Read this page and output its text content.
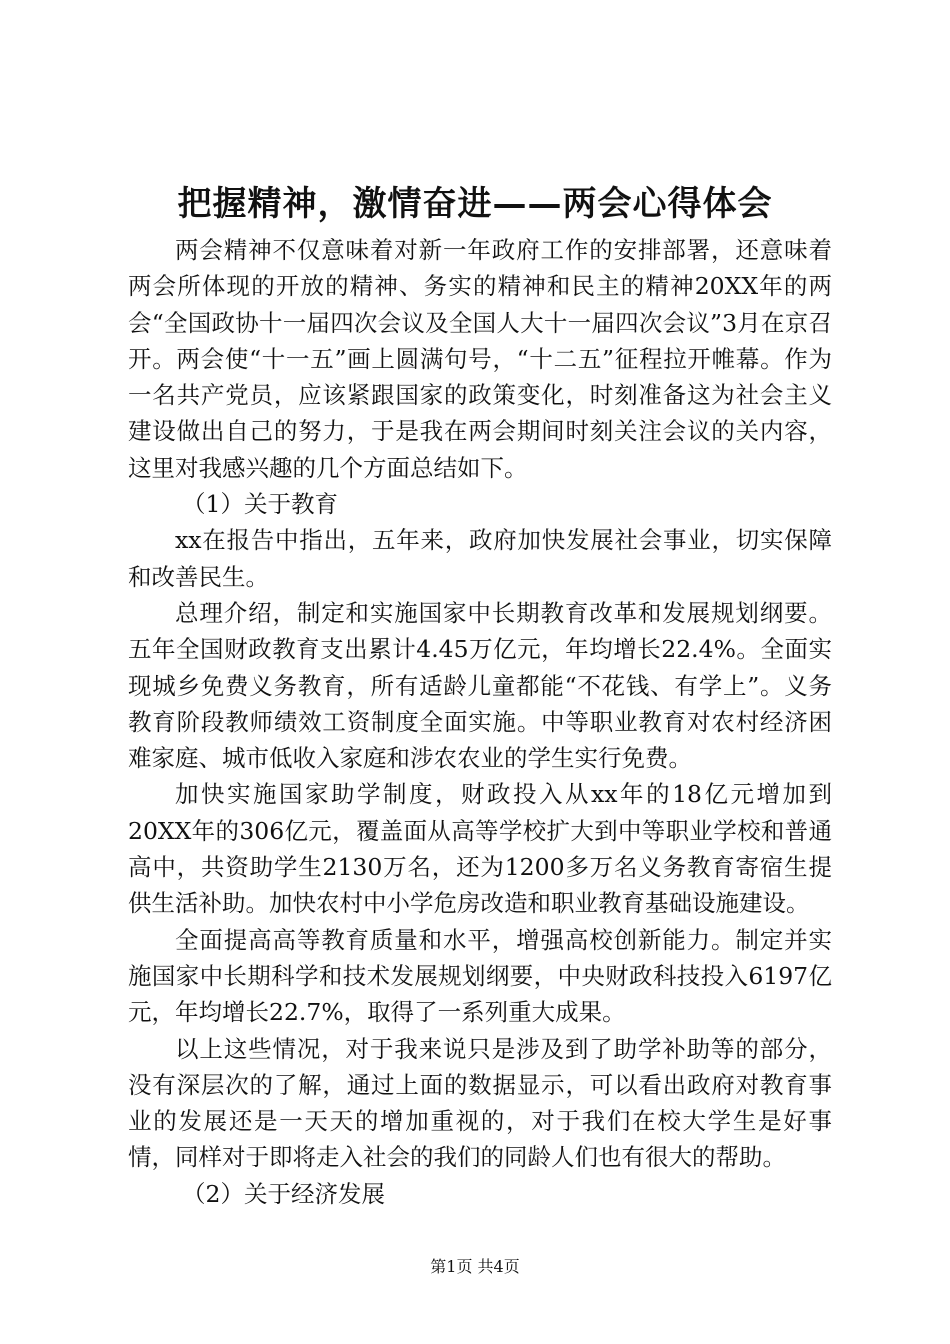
把握精神，激情奋进——两会心得体会

两会精神不仅意味着对新一年政府工作的安排部署，还意味着两会所体现的开放的精神、务实的精神和民主的精神20XX年的两会“全国政协十一届四次会议及全国人大十一届四次会议”3月在京召开。两会使“十一五”画上圆满句号，“十二五”征程拉开帷幕。作为一名共产党员，应该紧跟国家的政策变化，时刻准备这为社会主义建设做出自己的努力，于是我在两会期间时刻关注会议的关内容，这里对我感兴趣的几个方面总结如下。

（1）关于教育

xx在报告中指出，五年来，政府加快发展社会事业，切实保障和改善民生。

总理介绍，制定和实施国家中长期教育改革和发展规划纲要。五年全国财政教育支出累计4.45万亿元，年均增长22.4%。全面实现城乡免费义务教育，所有适龄儿童都能“不花钱、有学上”。义务教育阶段教师绩效工资制度全面实施。中等职业教育对农村经济困难家庭、城市低收入家庭和涉农农业的学生实行免费。

加快实施国家助学制度，财政投入从xx年的18亿元增加到20XX年的306亿元，覆盖面从高等学校扩大到中等职业学校和普通高中，共资助学生2130万名，还为1200多万名义务教育寄宿生提供生活补助。加快农村中小学危房改造和职业教育基础设施建设。

全面提高高等教育质量和水平，增强高校创新能力。制定并实施国家中长期科学和技术发展规划纲要，中央财政科技投入6197亿元，年均增长22.7%，取得了一系列重大成果。

以上这些情况，对于我来说只是涉及到了助学补助等的部分，没有深层次的了解，通过上面的数据显示，可以看出政府对教育事业的发展还是一天天的增加重视的，对于我们在校大学生是好事情，同样对于即将走入社会的我们的同龄人们也有很大的帮助。

（2）关于经济发展

第1页 共4页
